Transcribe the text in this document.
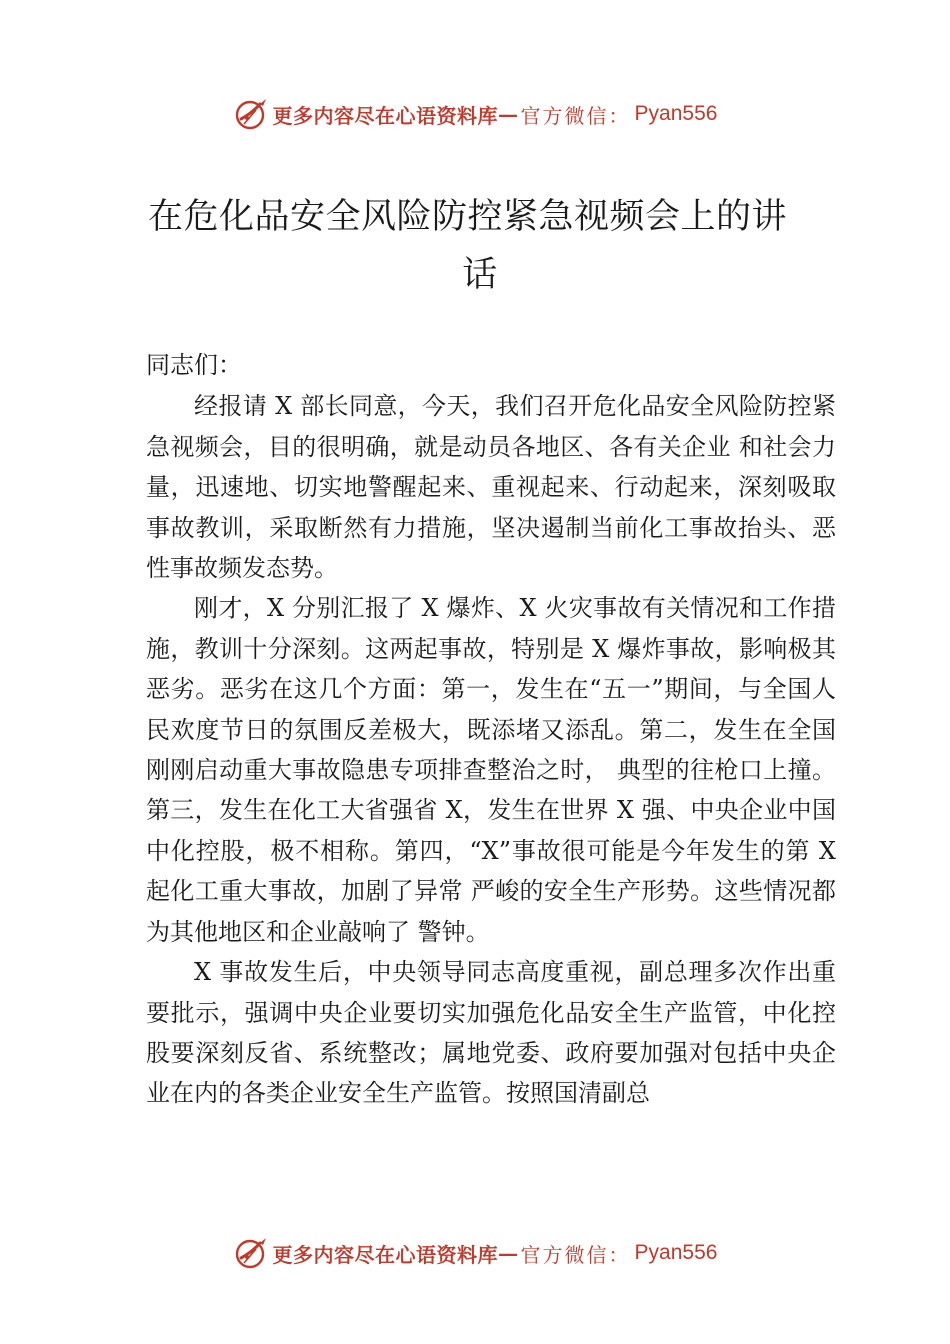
更多内容尽在心语资料库 — 官方微信： Pyan556
在危化品安全风险防控紧急视频会上的讲
话

同志们：

经报请 X 部长同意，今天，我们召开危化品安全风险防控紧急视频会，目的很明确，就是动员各地区、各有关企业 和社会力量，迅速地、切实地警醒起来、重视起来、行动起来，深刻吸取事故教训，采取断然有力措施，坚决遏制当前化工事故抬头、恶性事故频发态势。

刚才，X 分别汇报了 X 爆炸、X 火灾事故有关情况和工作措施，教训十分深刻。这两起事故，特别是 X 爆炸事故，影响极其恶劣。恶劣在这几个方面：第一，发生在“五一”期间，与全国人民欢度节日的氛围反差极大，既添堵又添乱。第二，发生在全国刚刚启动重大事故隐患专项排查整治之时， 典型的往枪口上撞。第三，发生在化工大省强省 X，发生在世界 X 强、中央企业中国中化控股，极不相称。第四，“X”事故很可能是今年发生的第 X 起化工重大事故，加剧了异常 严峻的安全生产形势。这些情况都为其他地区和企业敲响了 警钟。

X 事故发生后，中央领导同志高度重视，副总理多次作出重要批示，强调中央企业要切实加强危化品安全生产监管，中化控股要深刻反省、系统整改；属地党委、政府要加强对包括中央企业在内的各类企业安全生产监管。按照国清副总

更多内容尽在心语资料库 — 官方微信： Pyan556
